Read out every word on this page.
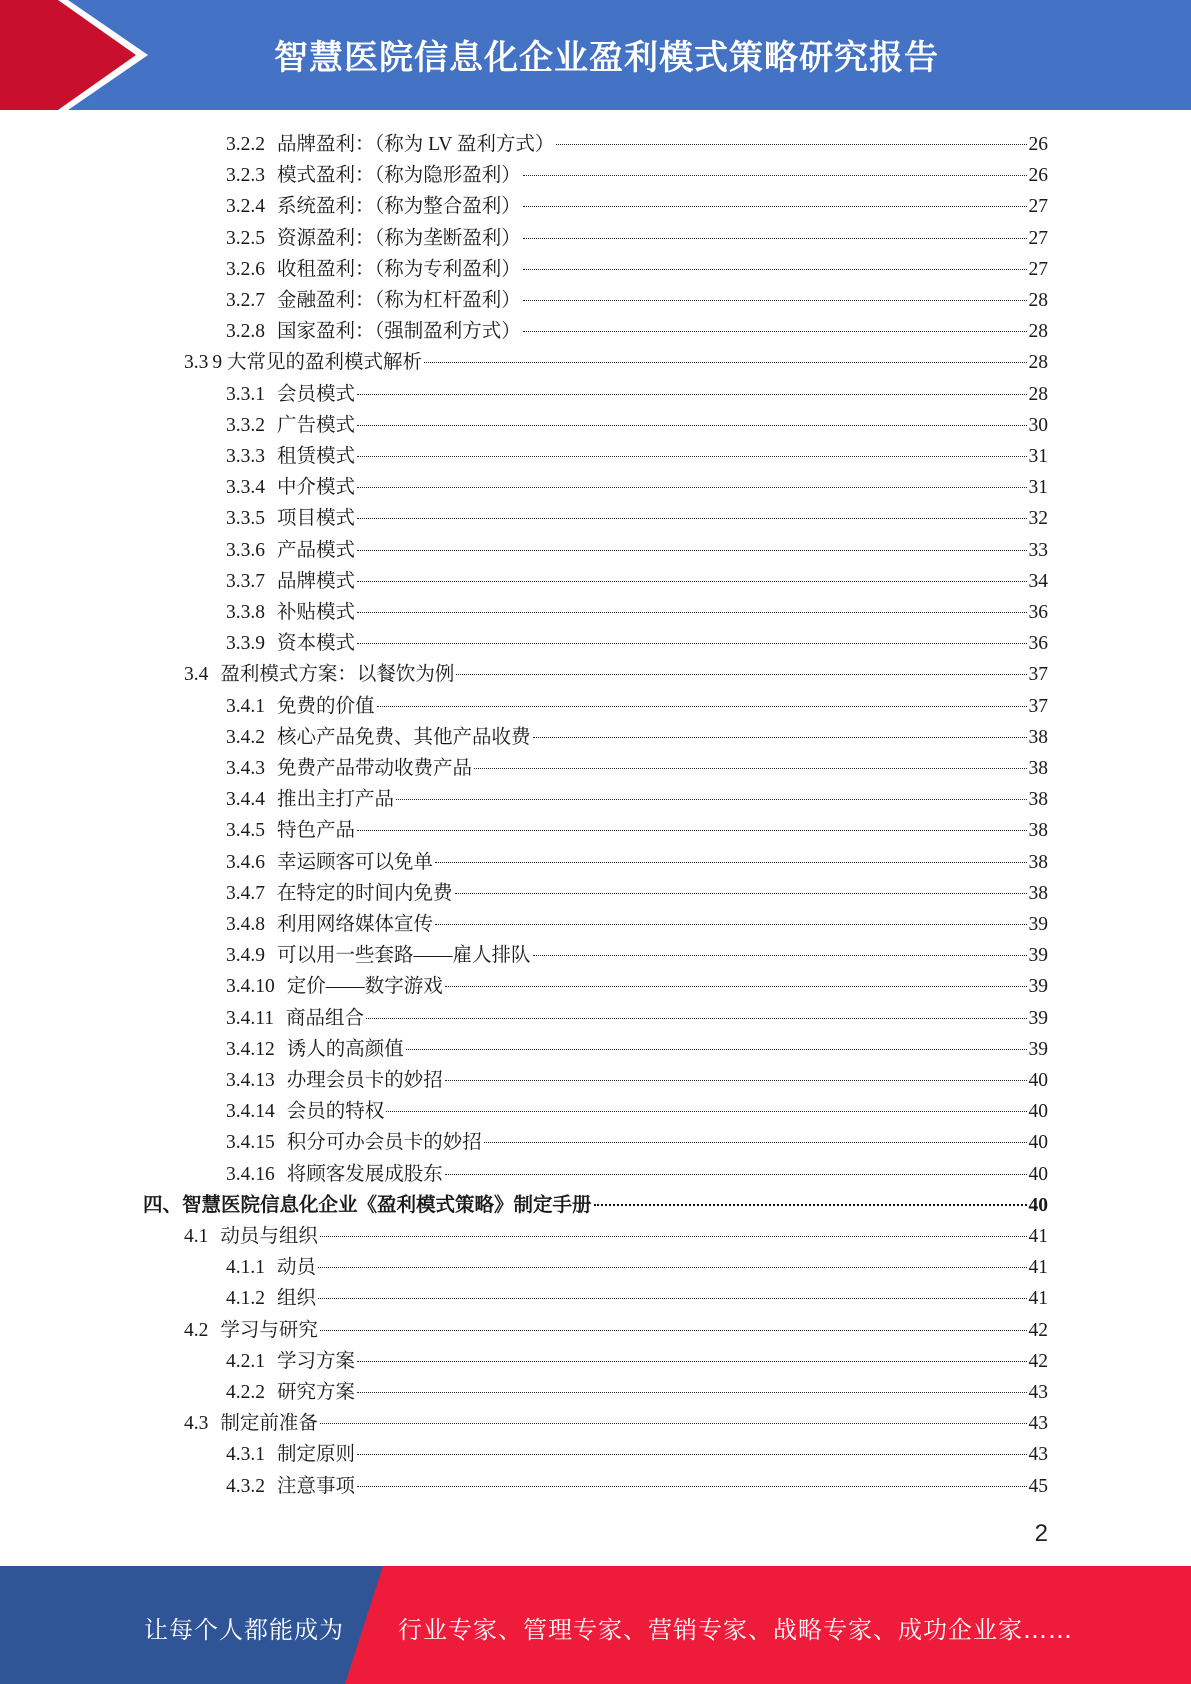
智慧医院信息化企业盈利模式策略研究报告
3.2.2 品牌盈利：（称为 LV 盈利方式）	26
3.2.3 模式盈利：（称为隐形盈利）	26
3.2.4 系统盈利：（称为整合盈利）	27
3.2.5 资源盈利：（称为垄断盈利）	27
3.2.6 收租盈利：（称为专利盈利）	27
3.2.7 金融盈利：（称为杠杆盈利）	28
3.2.8 国家盈利：（强制盈利方式）	28
3.3 9 大常见的盈利模式解析	28
3.3.1 会员模式	28
3.3.2 广告模式	30
3.3.3 租赁模式	31
3.3.4 中介模式	31
3.3.5 项目模式	32
3.3.6 产品模式	33
3.3.7 品牌模式	34
3.3.8 补贴模式	36
3.3.9 资本模式	36
3.4 盈利模式方案：以餐饮为例	37
3.4.1 免费的价值	37
3.4.2 核心产品免费、其他产品收费	38
3.4.3 免费产品带动收费产品	38
3.4.4 推出主打产品	38
3.4.5 特色产品	38
3.4.6 幸运顾客可以免单	38
3.4.7 在特定的时间内免费	38
3.4.8 利用网络媒体宣传	39
3.4.9 可以用一些套路——雇人排队	39
3.4.10 定价——数字游戏	39
3.4.11 商品组合	39
3.4.12 诱人的高颜值	39
3.4.13 办理会员卡的妙招	40
3.4.14 会员的特权	40
3.4.15 积分可办会员卡的妙招	40
3.4.16 将顾客发展成股东	40
四、智慧医院信息化企业《盈利模式策略》制定手册	40
4.1 动员与组织	41
4.1.1 动员	41
4.1.2 组织	41
4.2 学习与研究	42
4.2.1 学习方案	42
4.2.2 研究方案	43
4.3 制定前准备	43
4.3.1 制定原则	43
4.3.2 注意事项	45
2
让每个人都能成为 行业专家、管理专家、营销专家、战略专家、成功企业家……
